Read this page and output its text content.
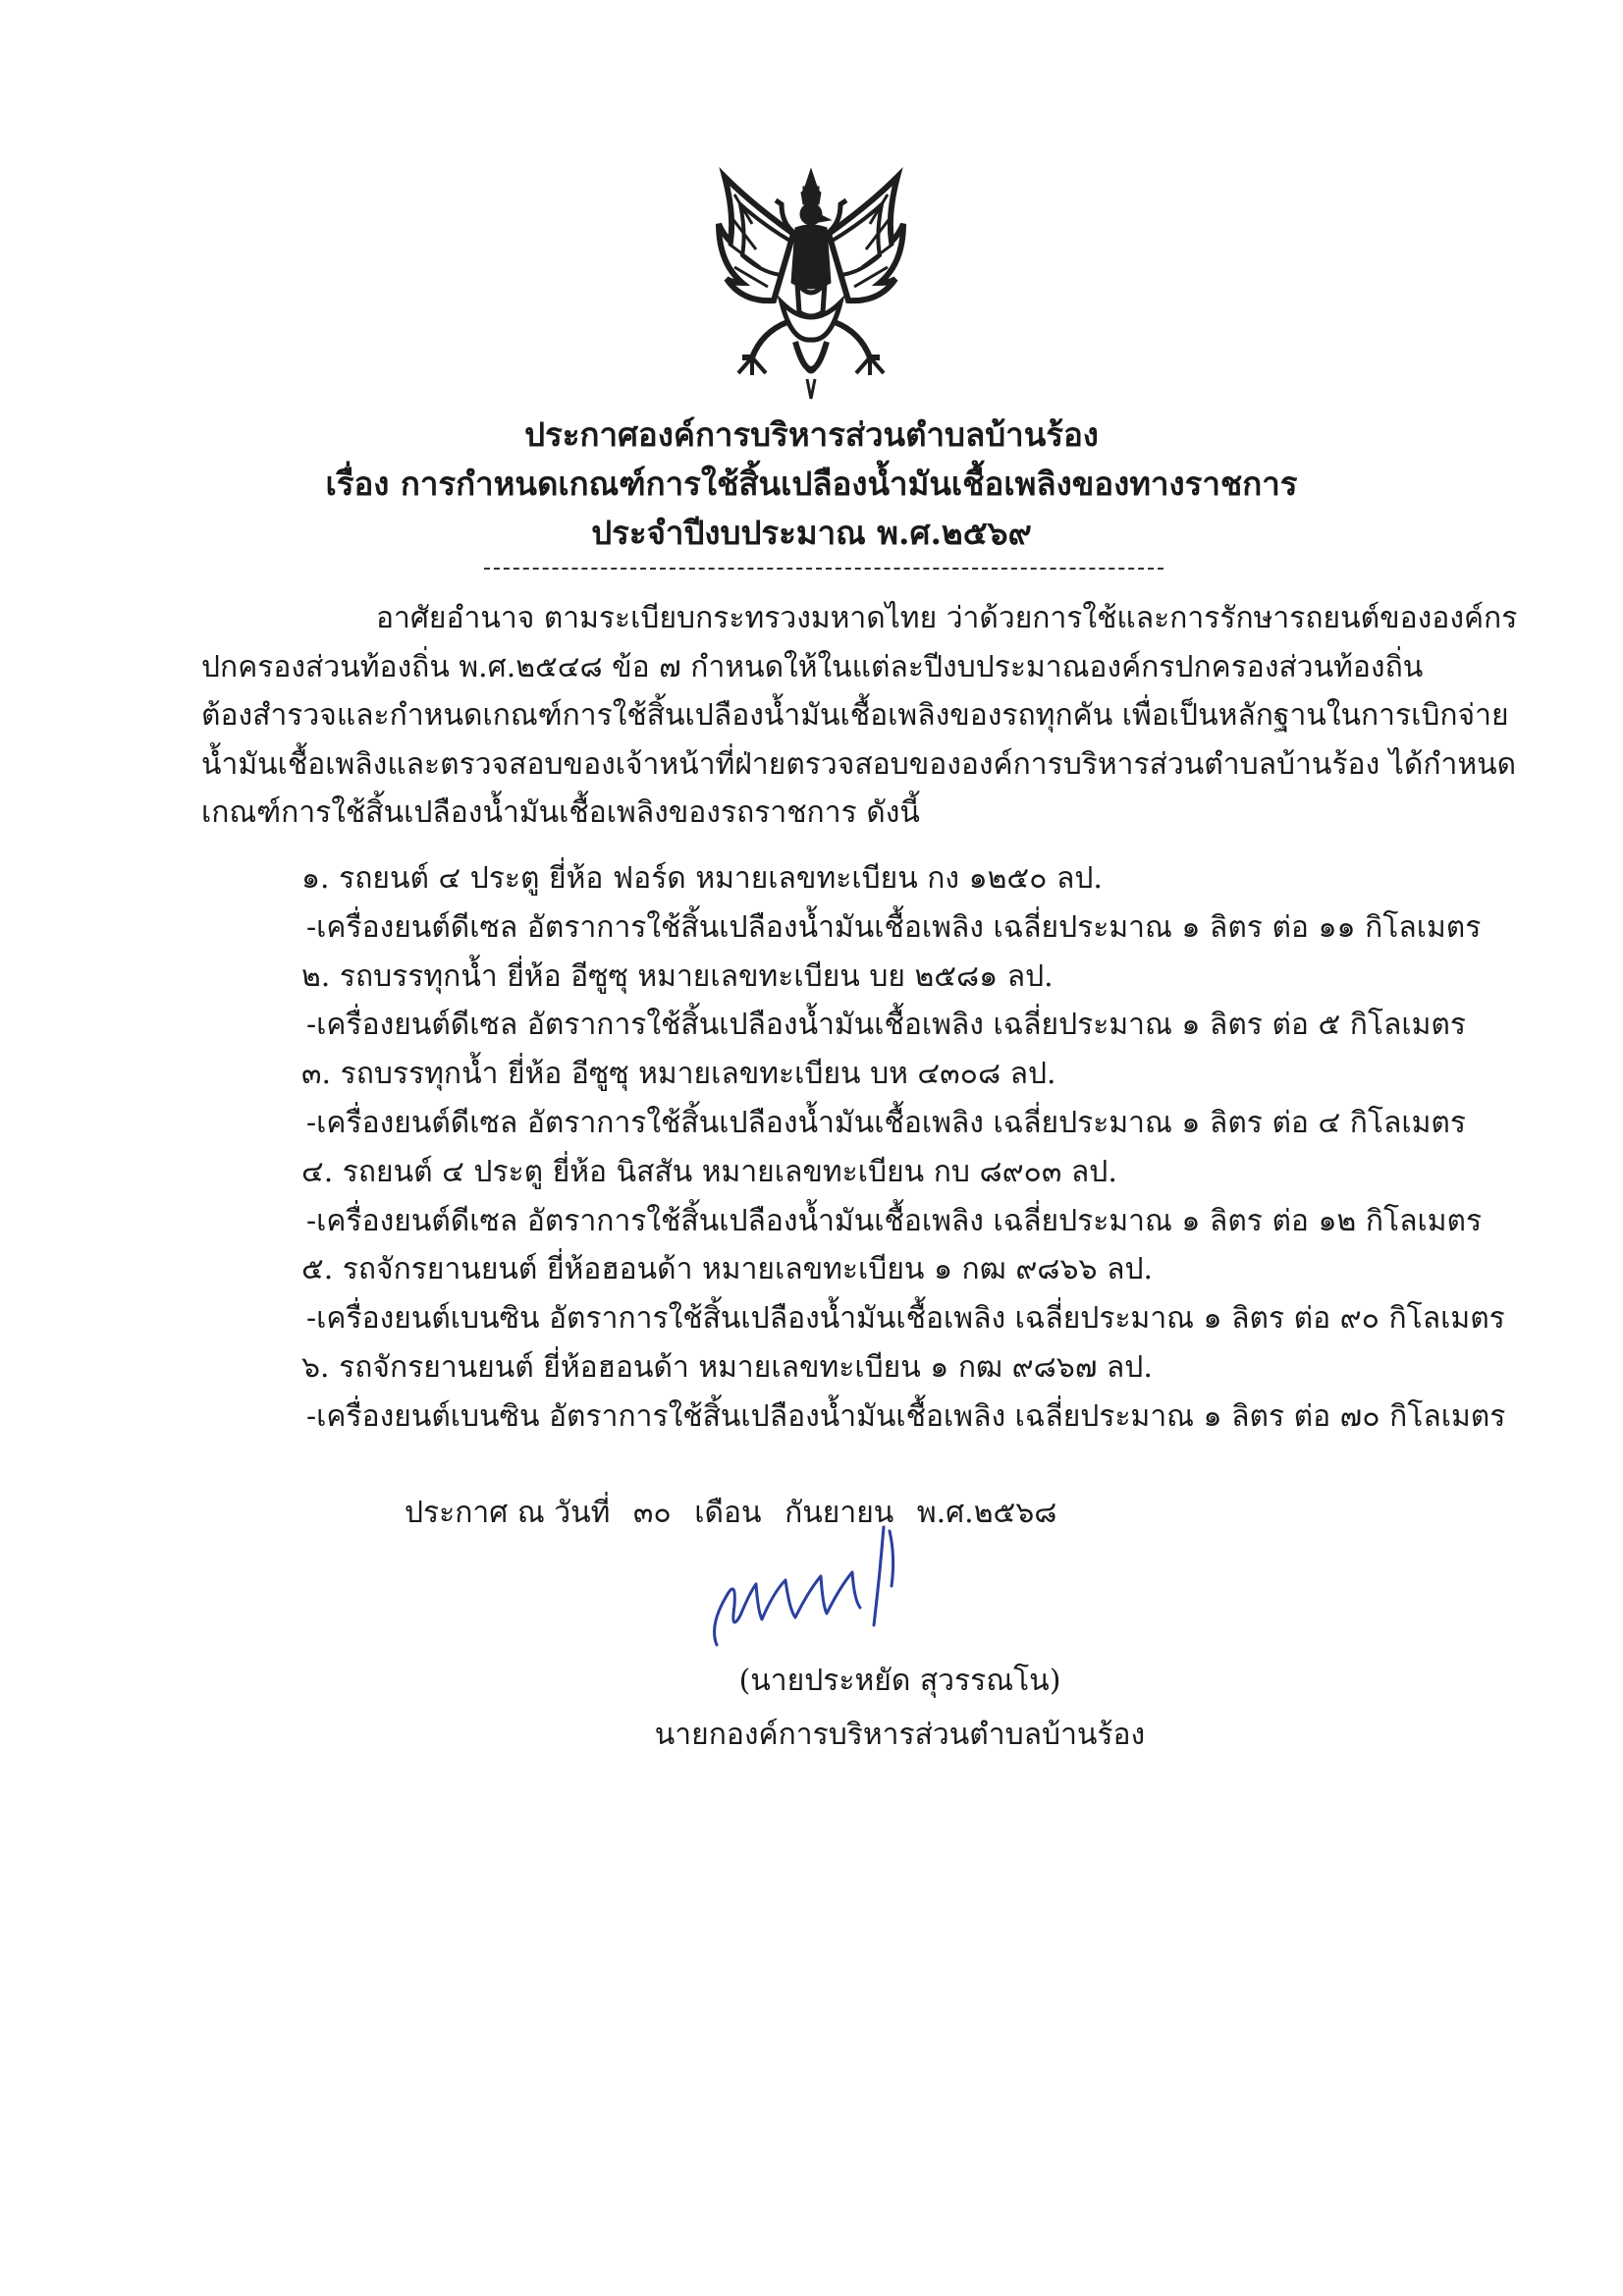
ประกาศองค์การบริหารส่วนตำบลบ้านร้อง
เรื่อง การกำหนดเกณฑ์การใช้สิ้นเปลืองน้ำมันเชื้อเพลิงของทางราชการ
ประจำปีงบประมาณ พ.ศ.๒๕๖๙
อาศัยอำนาจ ตามระเบียบกระทรวงมหาดไทย ว่าด้วยการใช้และการรักษารถยนต์ขององค์กร
ปกครองส่วนท้องถิ่น พ.ศ.๒๕๔๘ ข้อ ๗ กำหนดให้ในแต่ละปีงบประมาณองค์กรปกครองส่วนท้องถิ่น
ต้องสำรวจและกำหนดเกณฑ์การใช้สิ้นเปลืองน้ำมันเชื้อเพลิงของรถทุกคัน เพื่อเป็นหลักฐานในการเบิกจ่าย
น้ำมันเชื้อเพลิงและตรวจสอบของเจ้าหน้าที่ฝ่ายตรวจสอบขององค์การบริหารส่วนตำบลบ้านร้อง ได้กำหนด
เกณฑ์การใช้สิ้นเปลืองน้ำมันเชื้อเพลิงของรถราชการ ดังนี้
๑. รถยนต์ ๔ ประตู ยี่ห้อ ฟอร์ด หมายเลขทะเบียน กง ๑๒๕๐ ลป.
-เครื่องยนต์ดีเซล อัตราการใช้สิ้นเปลืองน้ำมันเชื้อเพลิง เฉลี่ยประมาณ ๑ ลิตร ต่อ ๑๑ กิโลเมตร
๒. รถบรรทุกน้ำ ยี่ห้อ อีซูซุ หมายเลขทะเบียน บย ๒๕๘๑ ลป.
-เครื่องยนต์ดีเซล อัตราการใช้สิ้นเปลืองน้ำมันเชื้อเพลิง เฉลี่ยประมาณ ๑ ลิตร ต่อ ๕ กิโลเมตร
๓. รถบรรทุกน้ำ ยี่ห้อ อีซูซุ หมายเลขทะเบียน บห ๔๓๐๘ ลป.
-เครื่องยนต์ดีเซล อัตราการใช้สิ้นเปลืองน้ำมันเชื้อเพลิง เฉลี่ยประมาณ ๑ ลิตร ต่อ ๔ กิโลเมตร
๔. รถยนต์ ๔ ประตู ยี่ห้อ นิสสัน หมายเลขทะเบียน กบ ๘๙๐๓ ลป.
-เครื่องยนต์ดีเซล อัตราการใช้สิ้นเปลืองน้ำมันเชื้อเพลิง เฉลี่ยประมาณ ๑ ลิตร ต่อ ๑๒ กิโลเมตร
๕. รถจักรยานยนต์ ยี่ห้อฮอนด้า หมายเลขทะเบียน ๑ กฒ ๙๘๖๖ ลป.
-เครื่องยนต์เบนซิน อัตราการใช้สิ้นเปลืองน้ำมันเชื้อเพลิง เฉลี่ยประมาณ ๑ ลิตร ต่อ ๙๐ กิโลเมตร
๖. รถจักรยานยนต์ ยี่ห้อฮอนด้า หมายเลขทะเบียน ๑ กฒ ๙๘๖๗ ลป.
-เครื่องยนต์เบนซิน อัตราการใช้สิ้นเปลืองน้ำมันเชื้อเพลิง เฉลี่ยประมาณ ๑ ลิตร ต่อ ๗๐ กิโลเมตร
ประกาศ ณ วันที่ ๓๐ เดือน กันยายน พ.ศ.๒๕๖๘
(นายประหยัด สุวรรณโน)
นายกองค์การบริหารส่วนตำบลบ้านร้อง
